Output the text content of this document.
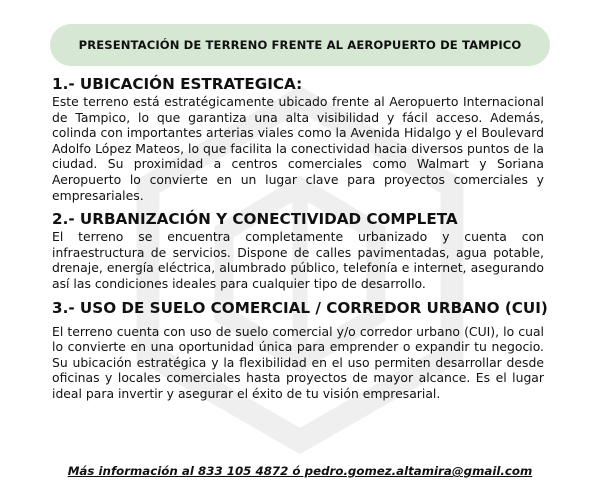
PRESENTACIÓN DE TERRENO FRENTE AL AEROPUERTO DE TAMPICO
1.- UBICACIÓN ESTRATEGICA:

Este terreno está estratégicamente ubicado frente al Aeropuerto Internacional de Tampico, lo que garantiza una alta visibilidad y fácil acceso. Además, colinda con importantes arterias viales como la Avenida Hidalgo y el Boulevard Adolfo López Mateos, lo que facilita la conectividad hacia diversos puntos de la ciudad. Su proximidad a centros comerciales como Walmart y Soriana Aeropuerto lo convierte en un lugar clave para proyectos comerciales y empresariales.

2.- URBANIZACIÓN Y CONECTIVIDAD COMPLETA

El terreno se encuentra completamente urbanizado y cuenta con infraestructura de servicios. Dispone de calles pavimentadas, agua potable, drenaje, energía eléctrica, alumbrado público, telefonía e internet, asegurando así las condiciones ideales para cualquier tipo de desarrollo.

3.- USO DE SUELO COMERCIAL / CORREDOR URBANO (CUI)

El terreno cuenta con uso de suelo comercial y/o corredor urbano (CUI), lo cual lo convierte en una oportunidad única para emprender o expandir tu negocio. Su ubicación estratégica y la flexibilidad en el uso permiten desarrollar desde oficinas y locales comerciales hasta proyectos de mayor alcance. Es el lugar ideal para invertir y asegurar el éxito de tu visión empresarial.

Más información al 833 105 4872 ó pedro.gomez.altamira@gmail.com
